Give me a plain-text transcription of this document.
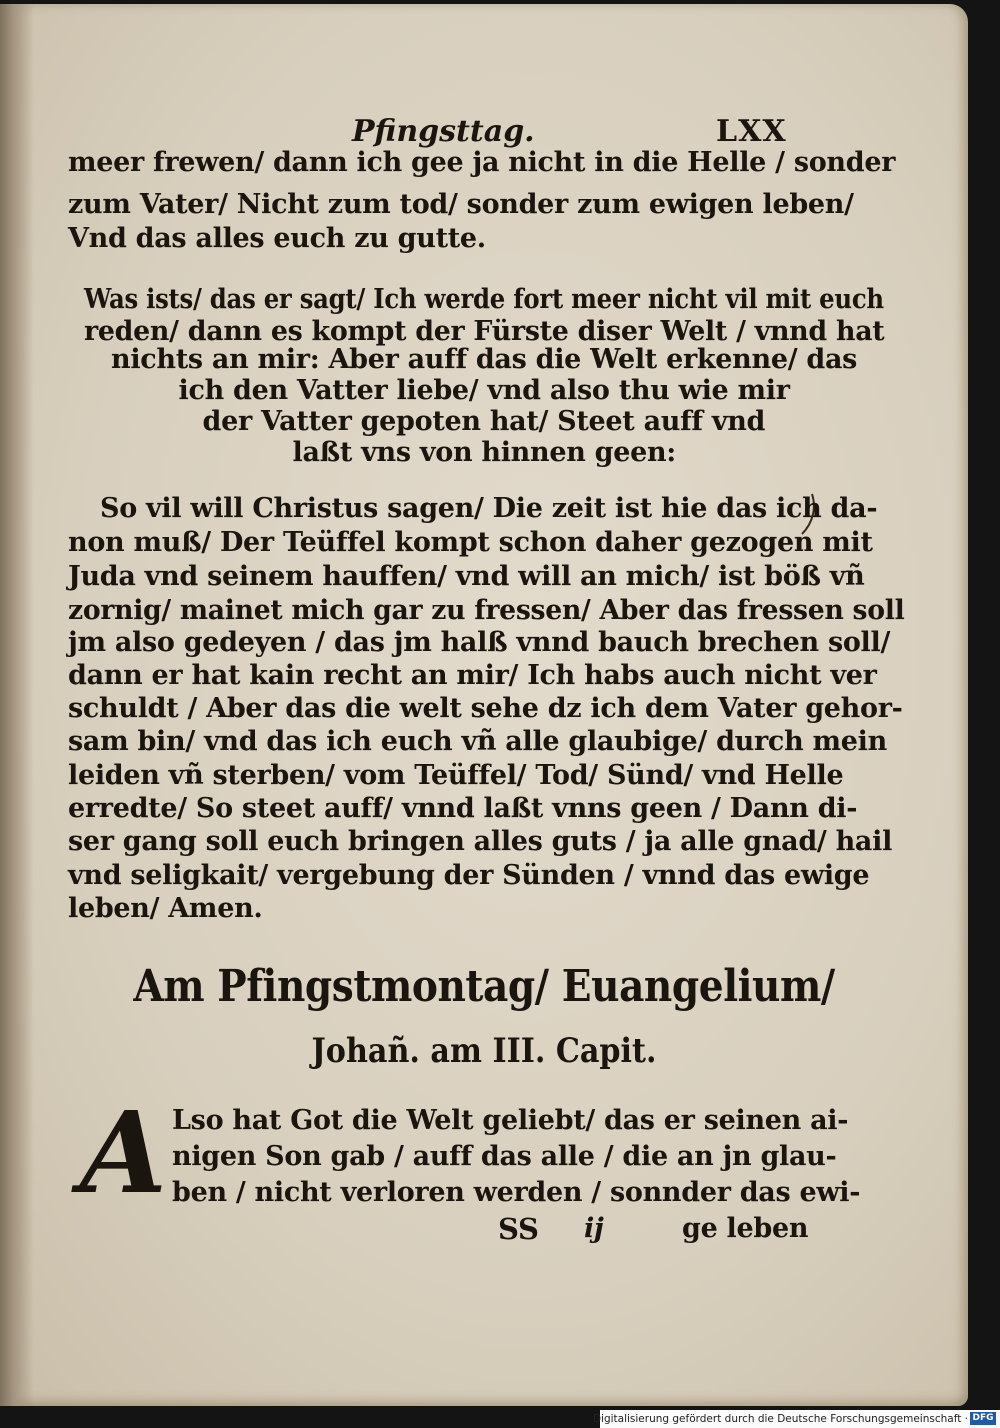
Pfingsttag.	LXX
meer frewen/ dann ich gee ja nicht in die Helle / sonder
zum Vater/ Nicht zum tod/ sonder zum ewigen leben/
Vnd das alles euch zu gutte.
Was ists/ das er sagt/ Ich werde fort meer nicht vil mit euch
reden/ dann es kompt der Fürste diser Welt / vnnd hat
nichts an mir: Aber auff das die Welt erkenne/ das
ich den Vatter liebe/ vnd also thu wie mir
der Vatter gepoten hat/ Steet auff vnd
laßt vns von hinnen geen:
So vil will Christus sagen/ Die zeit ist hie das ich da-
non muß/ Der Teüffel kompt schon daher gezogen mit
Juda vnd seinem hauffen/ vnd will an mich/ ist böß vñ
zornig/ mainet mich gar zu fressen/ Aber das fressen soll
jm also gedeyen / das jm halß vnnd bauch brechen soll/
dann er hat kain recht an mir/ Ich habs auch nicht ver
schuldt / Aber das die welt sehe dz ich dem Vater gehor-
sam bin/ vnd das ich euch vñ alle glaubige/ durch mein
leiden vñ sterben/ vom Teüffel/ Tod/ Sünd/ vnd Helle
erredte/ So steet auff/ vnnd laßt vnns geen / Dann di-
ser gang soll euch bringen alles guts / ja alle gnad/ hail
vnd seligkait/ vergebung der Sünden / vnnd das ewige
leben/ Amen.
Am Pfingstmontag/ Euangelium/
Johañ. am III. Capit.
A Lso hat Got die Welt geliebt/ das er seinen ai-
nigen Son gab / auff das alle / die an jn glau-
ben / nicht verloren werden / sonnder das ewi-
SS ij	ge leben
Digitalisierung gefördert durch die Deutsche Forschungsgemeinschaft · DFG
